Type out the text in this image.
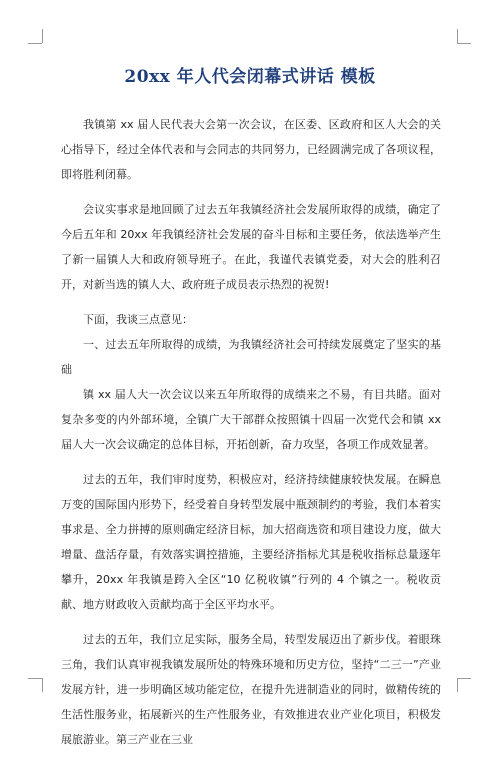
20xx 年人代会闭幕式讲话 模板

我镇第 xx 届人民代表大会第一次会议，在区委、区政府和区人大会的关心指导下，经过全体代表和与会同志的共同努力，已经圆满完成了各项议程，即将胜利闭幕。

会议实事求是地回顾了过去五年我镇经济社会发展所取得的成绩，确定了今后五年和 20xx 年我镇经济社会发展的奋斗目标和主要任务，依法选举产生了新一届镇人大和政府领导班子。在此，我谨代表镇党委，对大会的胜利召开，对新当选的镇人大、政府班子成员表示热烈的祝贺!

下面，我谈三点意见：

一、过去五年所取得的成绩，为我镇经济社会可持续发展奠定了坚实的基础

镇 xx 届人大一次会议以来五年所取得的成绩来之不易，有目共睹。面对复杂多变的内外部环境，全镇广大干部群众按照镇十四届一次党代会和镇 xx 届人大一次会议确定的总体目标，开拓创新，奋力攻坚，各项工作成效显著。

过去的五年，我们审时度势，积极应对，经济持续健康较快发展。在瞬息万变的国际国内形势下，经受着自身转型发展中瓶颈制约的考验，我们本着实事求是、全力拼搏的原则确定经济目标，加大招商选资和项目建设力度，做大增量、盘活存量，有效落实调控措施，主要经济指标尤其是税收指标总量逐年攀升，20xx 年我镇是跨入全区“10 亿税收镇”行列的 4 个镇之一。税收贡献、地方财政收入贡献均高于全区平均水平。

过去的五年，我们立足实际，服务全局，转型发展迈出了新步伐。着眼珠三角，我们认真审视我镇发展所处的特殊环境和历史方位，坚持“二三一”产业发展方针，进一步明确区域功能定位，在提升先进制造业的同时，做精传统的生活性服务业，拓展新兴的生产性服务业，有效推进农业产业化项目，积极发展旅游业。第三产业在三业
